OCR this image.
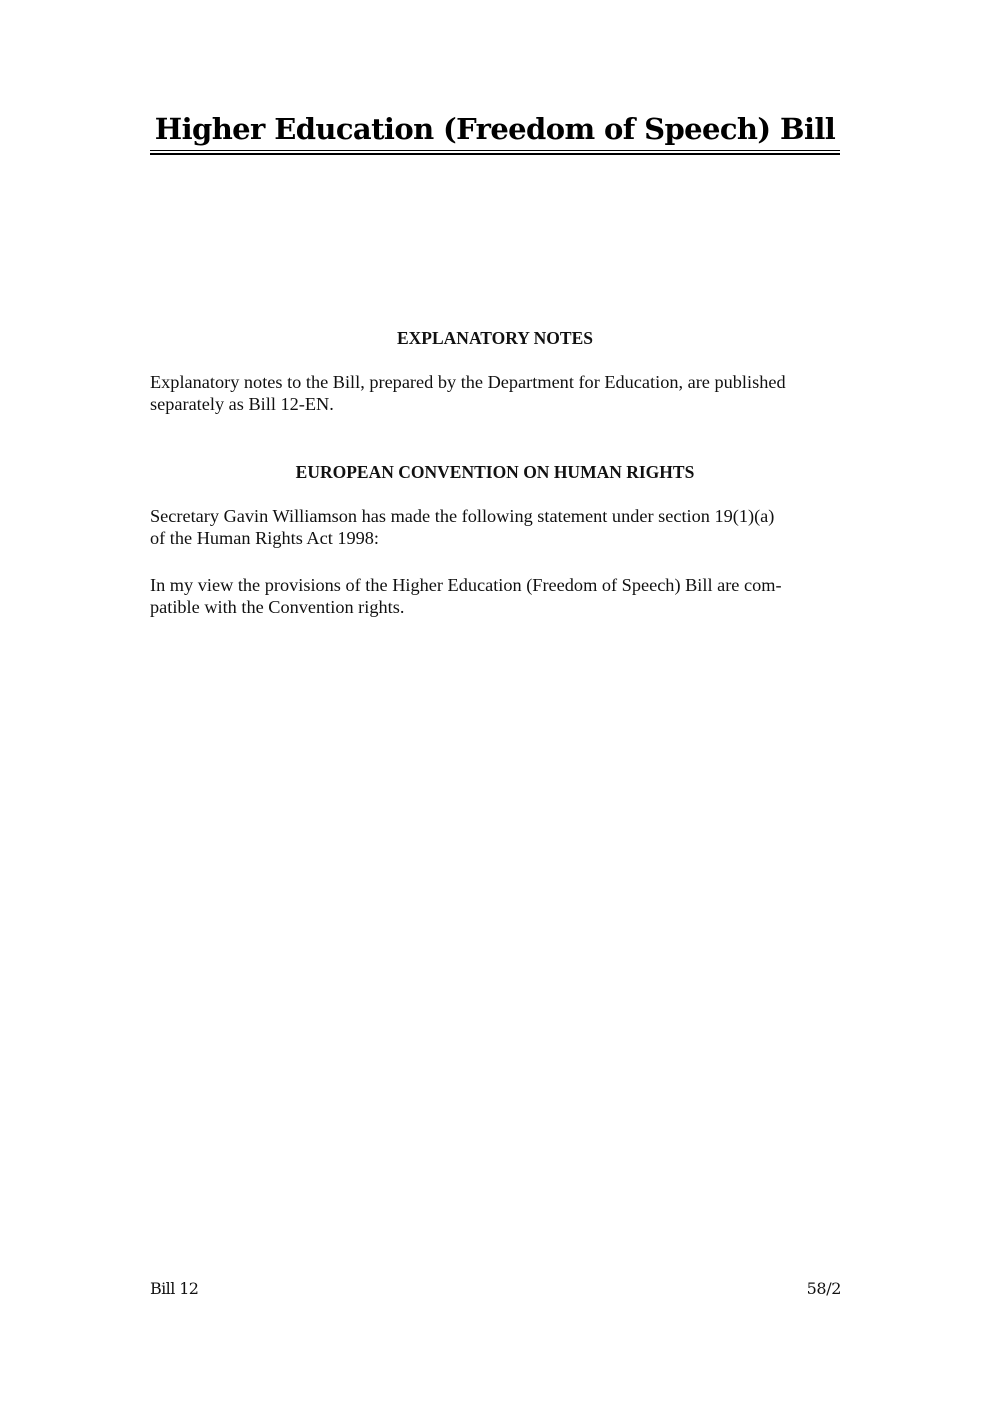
Higher Education (Freedom of Speech) Bill
EXPLANATORY NOTES

Explanatory notes to the Bill, prepared by the Department for Education, are published
separately as Bill 12-EN.

EUROPEAN CONVENTION ON HUMAN RIGHTS

Secretary Gavin Williamson has made the following statement under section 19(1)(a)
of the Human Rights Act 1998:

In my view the provisions of the Higher Education (Freedom of Speech) Bill are com-
patible with the Convention rights.

Bill 12	58/2
